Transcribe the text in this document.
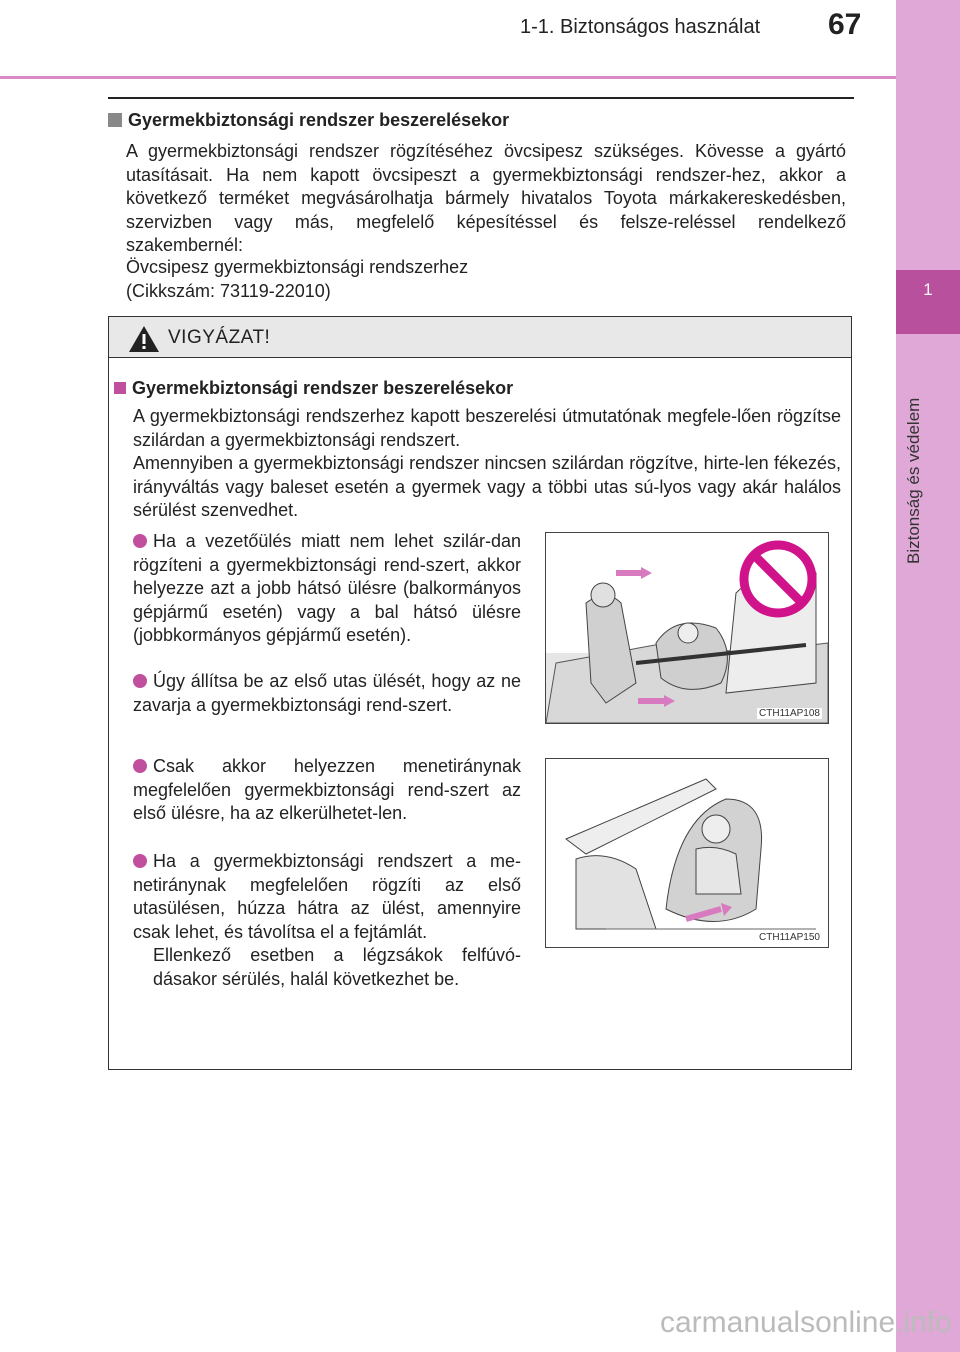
1-1. Biztonságos használat 67
1
Biztonság és védelem
Gyermekbiztonsági rendszer beszerelésekor
A gyermekbiztonsági rendszer rögzítéséhez övcsipesz szükséges. Kövesse a gyártó utasításait. Ha nem kapott övcsipeszt a gyermekbiztonsági rendszer-hez, akkor a következő terméket megvásárolhatja bármely hivatalos Toyota márkakereskedésben, szervizben vagy más, megfelelő képesítéssel és felsze-reléssel rendelkező szakembernél:
Övcsipesz gyermekbiztonsági rendszerhez
(Cikkszám: 73119-22010)
VIGYÁZAT!
Gyermekbiztonsági rendszer beszerelésekor
A gyermekbiztonsági rendszerhez kapott beszerelési útmutatónak megfele-lően rögzítse szilárdan a gyermekbiztonsági rendszert.
Amennyiben a gyermekbiztonsági rendszer nincsen szilárdan rögzítve, hirte-len fékezés, irányváltás vagy baleset esetén a gyermek vagy a többi utas sú-lyos vagy akár halálos sérülést szenvedhet.
Ha a vezetőülés miatt nem lehet szilár-dan rögzíteni a gyermekbiztonsági rend-szert, akkor helyezze azt a jobb hátsó ülésre (balkormányos gépjármű esetén) vagy a bal hátsó ülésre (jobbkormányos gépjármű esetén).
Úgy állítsa be az első utas ülését, hogy az ne zavarja a gyermekbiztonsági rend-szert.
Csak akkor helyezzen menetiránynak megfelelően gyermekbiztonsági rend-szert az első ülésre, ha az elkerülhetet-len.
Ha a gyermekbiztonsági rendszert a me-netiránynak megfelelően rögzíti az első utasülésen, húzza hátra az ülést, amennyire csak lehet, és távolítsa el a fejtámlát.
Ellenkező esetben a légzsákok felfúvó-dásakor sérülés, halál következhet be.
CTH11AP108
CTH11AP150
carmanualsonline.info
